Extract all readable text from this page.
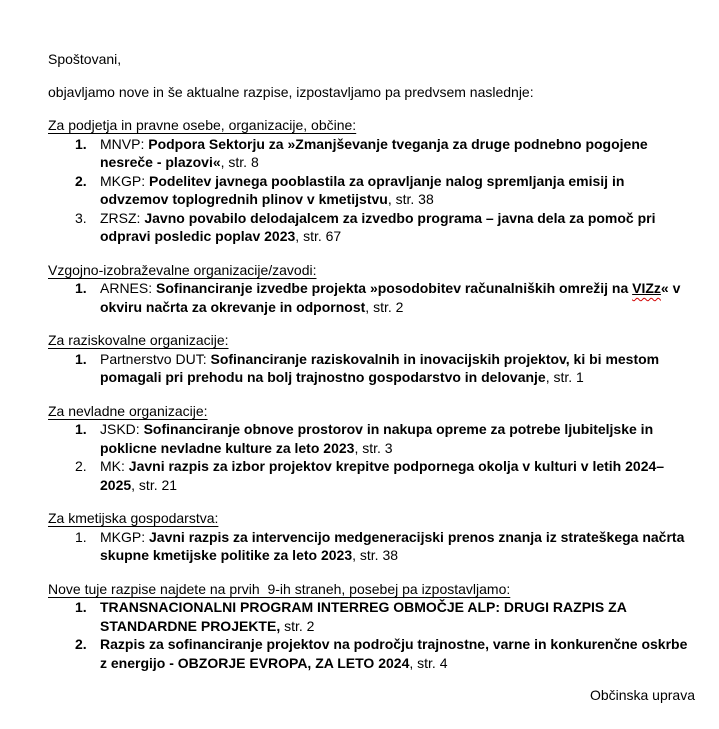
Spoštovani,

objavljamo nove in še aktualne razpise, izpostavljamo pa predvsem naslednje:

Za podjetja in pravne osebe, organizacije, občine:

1. MNVP: Podpora Sektorju za »Zmanjševanje tveganja za druge podnebno pogojene nesreče - plazovi«, str. 8
2. MKGP: Podelitev javnega pooblastila za opravljanje nalog spremljanja emisij in odvzemov toplogrednih plinov v kmetijstvu, str. 38
3. ZRSZ: Javno povabilo delodajalcem za izvedbo programa – javna dela za pomoč pri odpravi posledic poplav 2023, str. 67

Vzgojno-izobraževalne organizacije/zavodi:

1. ARNES: Sofinanciranje izvedbe projekta »posodobitev računalniških omrežij na VIZz« v okviru načrta za okrevanje in odpornost, str. 2

Za raziskovalne organizacije:

1. Partnerstvo DUT: Sofinanciranje raziskovalnih in inovacijskih projektov, ki bi mestom pomagali pri prehodu na bolj trajnostno gospodarstvo in delovanje, str. 1

Za nevladne organizacije:

1. JSKD: Sofinanciranje obnove prostorov in nakupa opreme za potrebe ljubiteljske in poklicne nevladne kulture za leto 2023, str. 3
2. MK: Javni razpis za izbor projektov krepitve podpornega okolja v kulturi v letih 2024–2025, str. 21

Za kmetijska gospodarstva:

1. MKGP: Javni razpis za intervencijo medgeneracijski prenos znanja iz strateškega načrta skupne kmetijske politike za leto 2023, str. 38

Nove tuje razpise najdete na prvih  9-ih straneh, posebej pa izpostavljamo:

1. TRANSNACIONALNI PROGRAM INTERREG OBMOČJE ALP: DRUGI RAZPIS ZA STANDARDNE PROJEKTE, str. 2
2. Razpis za sofinanciranje projektov na področju trajnostne, varne in konkurenčne oskrbe z energijo - OBZORJE EVROPA, ZA LETO 2024, str. 4

Občinska uprava
